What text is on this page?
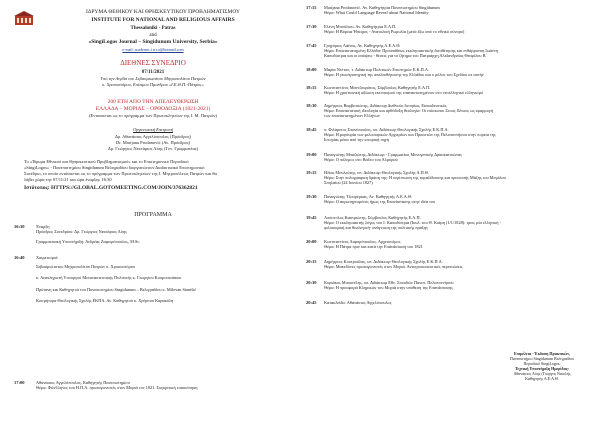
ΙΔΡΥΜΑ ΘΕΘΙΚΟΥ ΚΑΙ ΘΡΗΣΚΕΥΤΙΚΟΥ ΠΡΟΒΛΗΜΑΤΙΣΜΟΥ
INSTITUTE FOR NATIONAL AND RELIGIOUS AFFAIRS
Thessaloniki - Patras
and
«SingiLogos Journal – Singidunum University, Serbia»
e-mail: academic.i.n.r.a@hotmail.com
ΔΙΕΘΝΕΣ ΣΥΝΕΔΡΙΟ
07/11/2021
Υπό την Αιγίδα του Σεβασμιωτάτου Μητροπολίτου Πατρών
κ. Χρυσοστόμου, Επίτιμου Προέδρου «Ι.Ε.Θ.Π.-Πάτρας»
200 ΕΤΗ ΑΠΟ ΤΗΝ ΑΠΕΛΕΥΘΕΡΩΣΗ
ΕΛΛΑΔΑ – ΜΟΡΙΑΣ – ΟΡΘΟΔΟΞΙΑ (1821-2021)
(Εντασσεται ως το πρόγραμμα των Πρωτοκλητείων της Ι. Μ. Πατρών)
Οργανωτική Επιτροπή
Δρ. Αθανάσιος Αγγελόπουλος (Πρόεδρος)
Dr. Marijana Prodanović (Αν. Πρόεδρος)
Δρ. Γεώργιος Νεκτάριος Λόης (Γεν. Γραμματέας)
Το «Ίδρυμα Εθνικού και Θρησκευτικού Προβληματισμού» και το Επιστημονικό Περιοδικό
«SingiLogos» - Πανεπιστημίου Singidunum Βελιγραδίου διοργανώνουν Διαδικτυακό Επιστημονικό
Συνέδριο, το οποίο εντάσσεται ως το πρόγραμμα των Πρωτοκλητείων της Ι. Μητροπόλεως Πατρών και θα
λάβει χώρα την 07/11/21 και ώρα έναρξης 16:30
Ιστότοπος: HTTPS://GLOBAL.GOTOMEETING.COM/JOIN/376362821
ΠΡΟΓΡΑΜΜΑ
16:30	Έναρξη
Πρόεδρος Συνεδρίου: Δρ. Γεώργιος Νεκτάριος Λόης
Γραμματειακή Υποστήριξη: Ανδρέας Ζαφειρόπουλος, M.Sc.
16:40	Χαιρετισμοί:
Σεβασμιώτατου Μητροπολίτου Πατρών κ. Χρυσοστόμου
κ. Αναπληρωτή Υπουργού Μεταναστευτικής Πολιτικής κ. Γεωργίου Κουμουτσάκου
Πρύτανη και Καθηγητού του Πανεπιστημίου Singidunum – Βελιγραδίου κ. Milovan Stanišić
Κοσμήτορα Θεολογικής Σχολής ΕΚΠΑ, Αν. Καθηγητού κ. Χρήστου Καρακόλη
17:00	Αθανάσιος Αγγελόπουλος, Καθηγητής Πανεπιστημίου
Θέμα: Φιλέλληνες του Η.Π.Α. πρωταγωνιστές στον Μοριά τον 1821. Συγκριτική επισκόπηση
17:15 Marijana Prodanović, Αν. Καθηγήτρια Πανεπιστημίου Singidunum
Θέμα: What Could Language Reveal about National Identity
17:30 Ελένη Μπούλιου, Αν. Καθηγήτρια Ε.Α.Π.
Θέμα: Η Βόρεια Ήπειρος - Ανατολική Ρωμυλία (μετά έξω από το εθνικό σύνορο)
17:45 Γρηγόριος Λάϊνας, Αν. Καθηγητής Α.Ε.Α.Θ.
Θέμα: Επαναστατημένη Ελλάδα: Προσπάθειες εκκλησιαστικής διευθέτησης και ενθάρρυνση Ιωάννη
Καποδίστρια και οι απόψεις - θέσεις για το ζήτημα του Πατριάρχη Αλεξανδρείας Θεοφίλου Β΄
18:00 Μαρία Ντέτσε, τ. Διδάκτωρ Πολιτικών Επιστημών Ε.Κ.Π.Α.
Θέμα: Η γεωστρατηγική της απελευθέρωσης της Ελλάδας και ο ρόλος του Σχεδίου σε αυτήν
18:15 Κωνσταντίνος Μαντζουράτος, Σύμβουλος Καθηγητής Ε.Α.Π.
Θέμα: Η χριστιανική αξίωση εκτοπισμού της επαναστατημένων στο νεοελληνικό ελληνισμό
18:30 Δημήτριος Βαρβιτσιώτης, Διδάκτωρ Διεθνούς Ιστορίας, Εκπαιδευτικός
Θέμα: Επαναστατική ιδεολογία και αρθόδοξη θεολογία: Οι επίσκοποι Στους Ξένους ως εφαρμογή
των επαναστατημένων Ελλήνων
18:45 π. Φιλάρετος Σπανόπουλος, υπ. Διδάκτωρ Θεολογικής Σχολής Ε.Κ.Π.Α.
Θέμα: Η μαρτυρία των φιλοσοφικών Αρχιερέων και Προεστών της Πελοποννήσου στην πορεία της
Ιστορίας μέσα από την ιστορική πηγή
19:00 Παναγιώτης Μπαζιώτης, Διδάκτωρ - Γραμματέας Μονογενικής Δρασκατσιώνας
Θέμα: Ο πόλεμος στο Βάλτο του Αλμυρού
19:15 Ηλίας Μουλεύτης, υπ. Διδάκτωρ Θεολογικής Σχολής Α.Π.Θ.
Θέμα: Στην πολυγραφικη δράση της: Η περίπτωση της ταραλίδευσης και προσωπής Μάζης του Μεγάλου
Σπηλαίου (24 Ιουνίου 1827)
19:30 Παναγιώτης Τζουμέρκας, Αν. Καθηγητής Α.Ε.Α.Θ.
Θέμα: Ο ακρωτηρισμένος ήρως της Επανάστασης στην ιδέα του
19:45 Απόστολος Καστριώτης, Σύμβουλος Καθηγητής Ε.Α.Π.
Θέμα: Ο εκκλησιαστής λόγος του Ι. Καποδίστρια (Ιουλ. του Θ. Κιάμη (1/1/1828): τρεις μία ελληνική -
φιλοσοφική και θεολογική- ανάγνωση της πολιτικής πράξης
20:00 Κωνσταντίνος Λαμπρόπουλος, Αρχειονόμος
Θέμα: Η Πάτρα πριν και κατά την Επανάσταση του 1821
20:15 Δημήτριος Κουτρούλας, υπ. Διδάκτωρ Θεολογικής Σχολής Ε.Κ.Π.Α.
Θέμα: Μακεδόνες πρωταγωνιστές στον Μοριά. Αντιπροσωπευτικές περιπτώσεις
20:30 Κυριάκος Μπουνέλης, υπ. Διδάκτωρ Εθν. Σπουδών Πανεπ. Πελοποννήσου
Θέμα: Η προσφορά Κληρικών του Μοριά στην υπόθεση της Επανάστασης
20:45 Κατακλείδα: Αθανάσιος Αγγελόπουλος
Επιμέλεια - Έκδοση Πρακτικών,
Πανεπιστήμιο Singidunum Βελιγραδίου
Περιοδικό SingiLogos,
Τεχνική Υποστήριξη Ημερίδας:
Αθανάσιος Λόης (Γιώργος Νικολής
Καθηγητής Α.Ε.Α.Θ.
